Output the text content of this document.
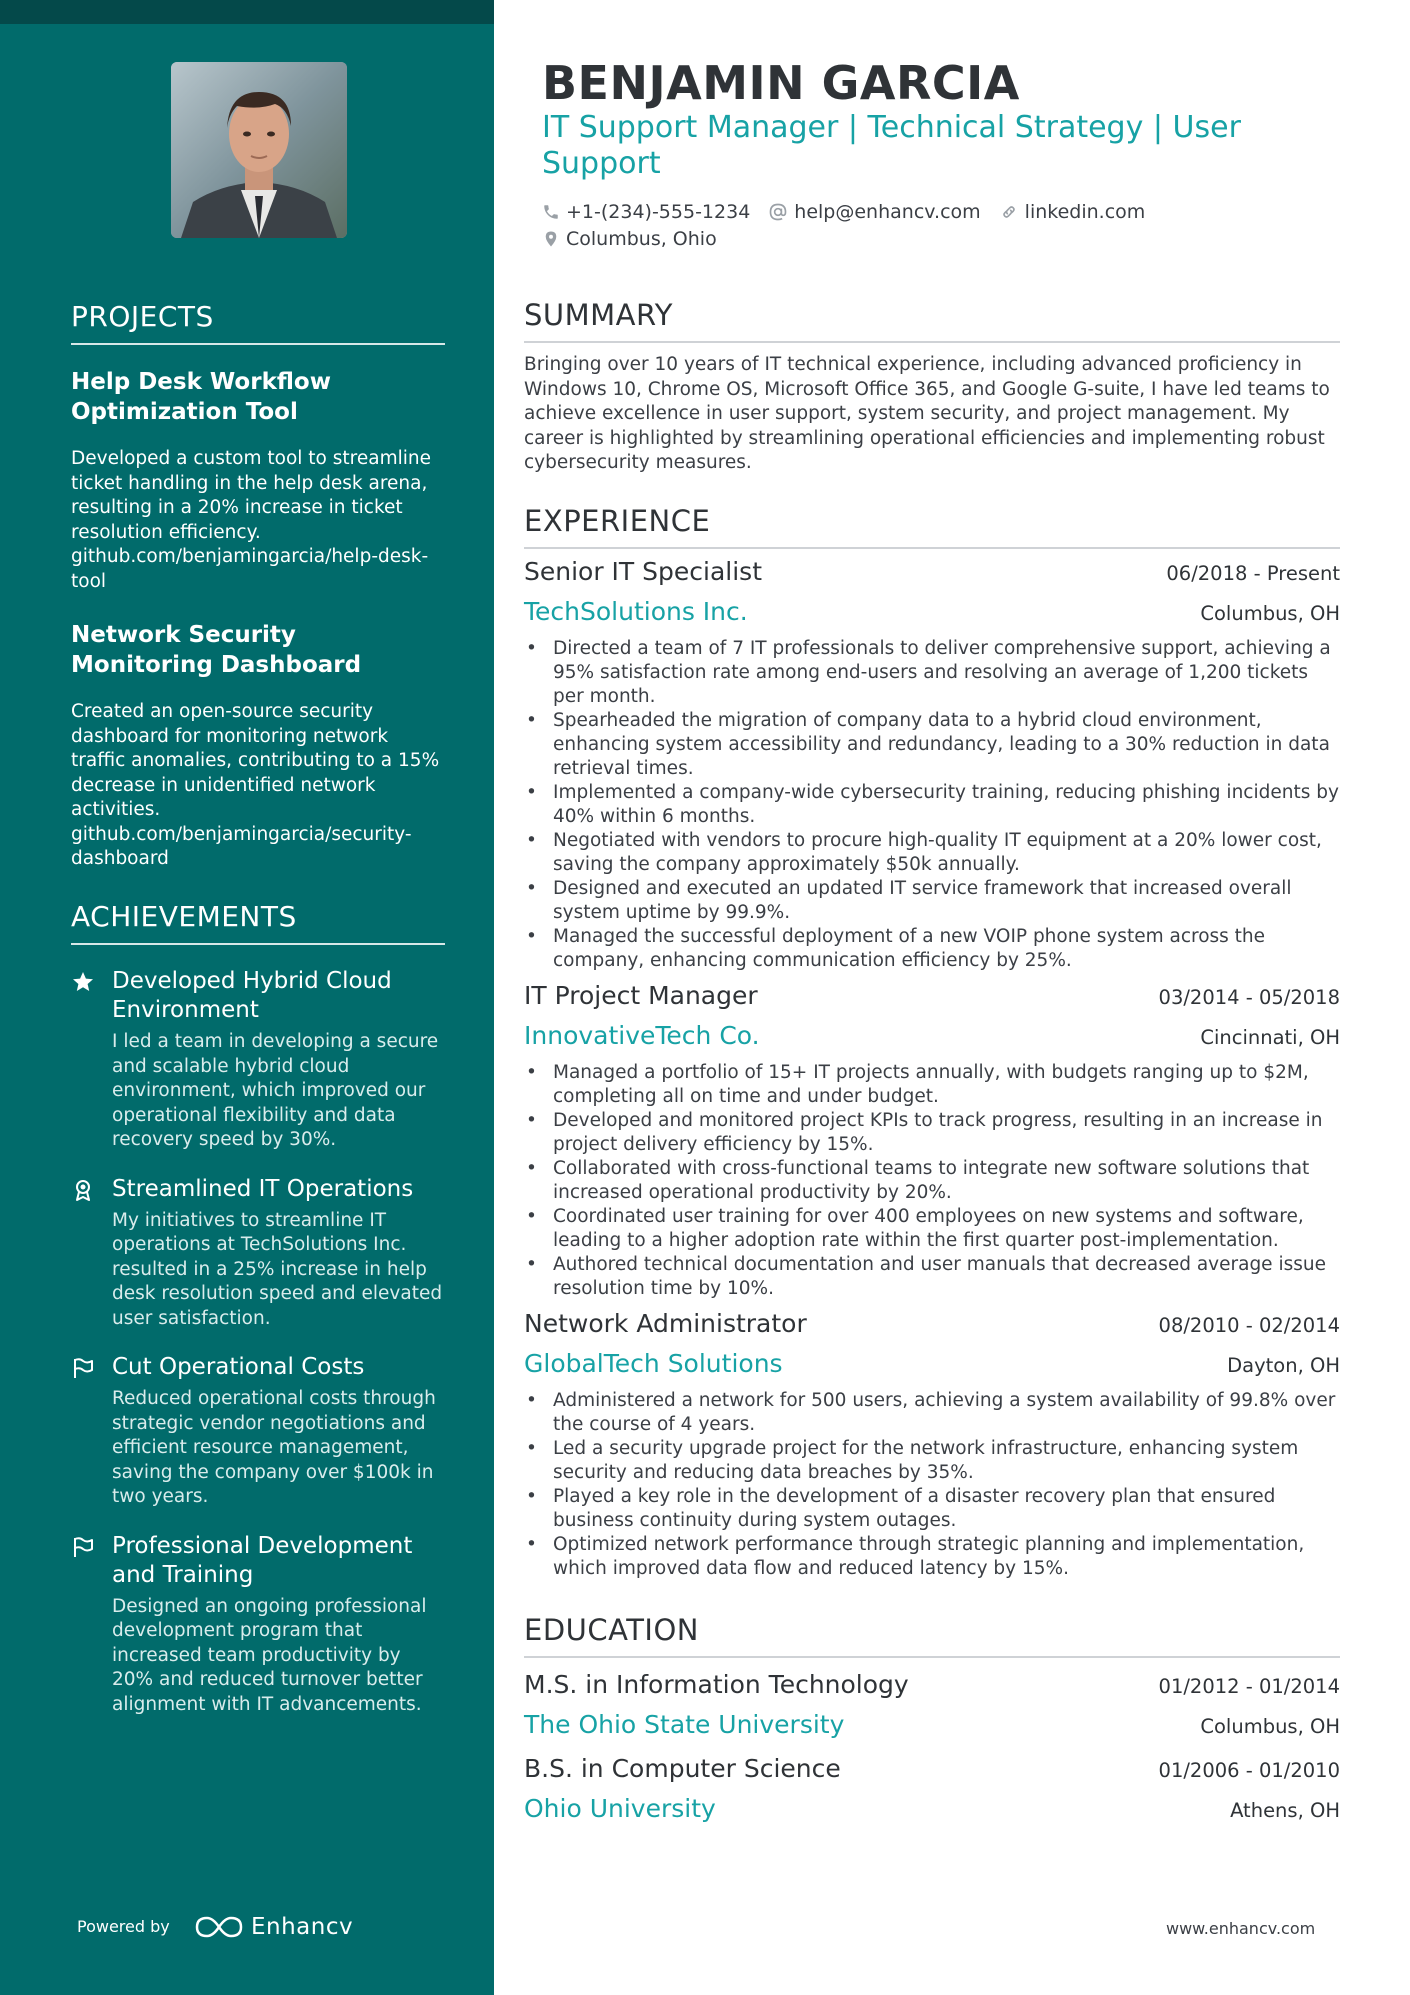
PROJECTS
Help Desk Workflow Optimization Tool
Developed a custom tool to streamline ticket handling in the help desk arena, resulting in a 20% increase in ticket resolution efficiency. github.com/benjamingarcia/help-desk-tool
Network Security Monitoring Dashboard
Created an open-source security dashboard for monitoring network traffic anomalies, contributing to a 15% decrease in unidentified network activities. github.com/benjamingarcia/security-dashboard
ACHIEVEMENTS
Developed Hybrid Cloud Environment
I led a team in developing a secure and scalable hybrid cloud environment, which improved our operational flexibility and data recovery speed by 30%.
Streamlined IT Operations
My initiatives to streamline IT operations at TechSolutions Inc. resulted in a 25% increase in help desk resolution speed and elevated user satisfaction.
Cut Operational Costs
Reduced operational costs through strategic vendor negotiations and efficient resource management, saving the company over $100k in two years.
Professional Development and Training
Designed an ongoing professional development program that increased team productivity by 20% and reduced turnover better alignment with IT advancements.
Powered by	Enhancv
BENJAMIN GARCIA
IT Support Manager | Technical Strategy | User Support
+1-(234)-555-1234 help@enhancv.com linkedin.com
Columbus, Ohio
SUMMARY
Bringing over 10 years of IT technical experience, including advanced proficiency in Windows 10, Chrome OS, Microsoft Office 365, and Google G-suite, I have led teams to achieve excellence in user support, system security, and project management. My career is highlighted by streamlining operational efficiencies and implementing robust cybersecurity measures.
EXPERIENCE
Senior IT Specialist	06/2018 - Present
TechSolutions Inc.	Columbus, OH
• Directed a team of 7 IT professionals to deliver comprehensive support, achieving a 95% satisfaction rate among end-users and resolving an average of 1,200 tickets per month.
• Spearheaded the migration of company data to a hybrid cloud environment, enhancing system accessibility and redundancy, leading to a 30% reduction in data retrieval times.
• Implemented a company-wide cybersecurity training, reducing phishing incidents by 40% within 6 months.
• Negotiated with vendors to procure high-quality IT equipment at a 20% lower cost, saving the company approximately $50k annually.
• Designed and executed an updated IT service framework that increased overall system uptime by 99.9%.
• Managed the successful deployment of a new VOIP phone system across the company, enhancing communication efficiency by 25%.
IT Project Manager	03/2014 - 05/2018
InnovativeTech Co.	Cincinnati, OH
• Managed a portfolio of 15+ IT projects annually, with budgets ranging up to $2M, completing all on time and under budget.
• Developed and monitored project KPIs to track progress, resulting in an increase in project delivery efficiency by 15%.
• Collaborated with cross-functional teams to integrate new software solutions that increased operational productivity by 20%.
• Coordinated user training for over 400 employees on new systems and software, leading to a higher adoption rate within the first quarter post-implementation.
• Authored technical documentation and user manuals that decreased average issue resolution time by 10%.
Network Administrator	08/2010 - 02/2014
GlobalTech Solutions	Dayton, OH
• Administered a network for 500 users, achieving a system availability of 99.8% over the course of 4 years.
• Led a security upgrade project for the network infrastructure, enhancing system security and reducing data breaches by 35%.
• Played a key role in the development of a disaster recovery plan that ensured business continuity during system outages.
• Optimized network performance through strategic planning and implementation, which improved data flow and reduced latency by 15%.
EDUCATION
M.S. in Information Technology	01/2012 - 01/2014
The Ohio State University	Columbus, OH
B.S. in Computer Science	01/2006 - 01/2010
Ohio University	Athens, OH
www.enhancv.com
